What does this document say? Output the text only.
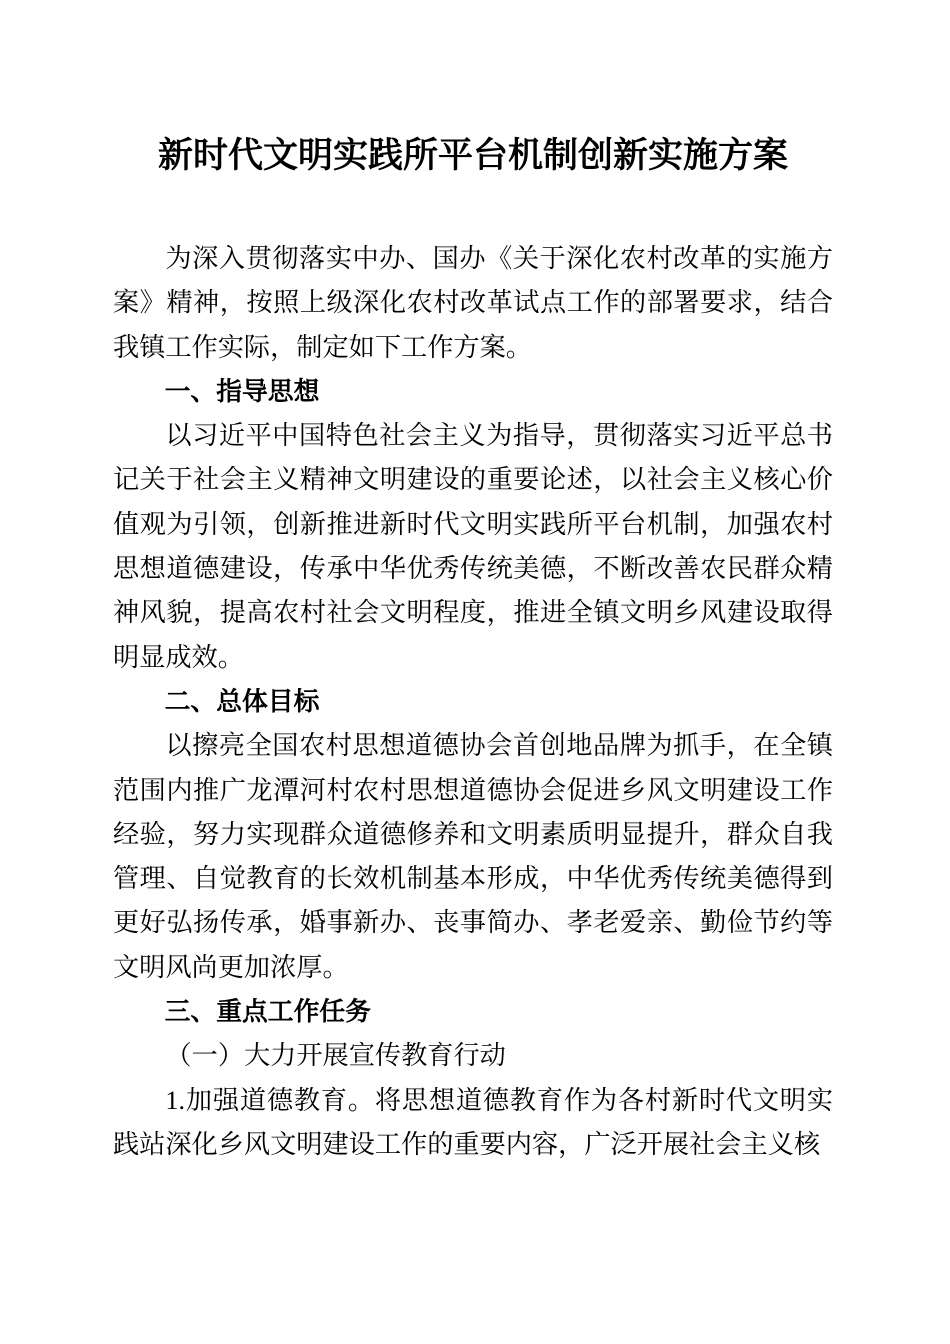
新时代文明实践所平台机制创新实施方案

为深入贯彻落实中办、国办《关于深化农村改革的实施方案》精神，按照上级深化农村改革试点工作的部署要求，结合我镇工作实际，制定如下工作方案。

一、指导思想

以习近平中国特色社会主义为指导，贯彻落实习近平总书记关于社会主义精神文明建设的重要论述，以社会主义核心价值观为引领，创新推进新时代文明实践所平台机制，加强农村思想道德建设，传承中华优秀传统美德，不断改善农民群众精神风貌，提高农村社会文明程度，推进全镇文明乡风建设取得明显成效。

二、总体目标

以擦亮全国农村思想道德协会首创地品牌为抓手，在全镇范围内推广龙潭河村农村思想道德协会促进乡风文明建设工作经验，努力实现群众道德修养和文明素质明显提升，群众自我管理、自觉教育的长效机制基本形成，中华优秀传统美德得到更好弘扬传承，婚事新办、丧事简办、孝老爱亲、勤俭节约等文明风尚更加浓厚。

三、重点工作任务
（一）大力开展宣传教育行动

1.加强道德教育。将思想道德教育作为各村新时代文明实践站深化乡风文明建设工作的重要内容，广泛开展社会主义核
